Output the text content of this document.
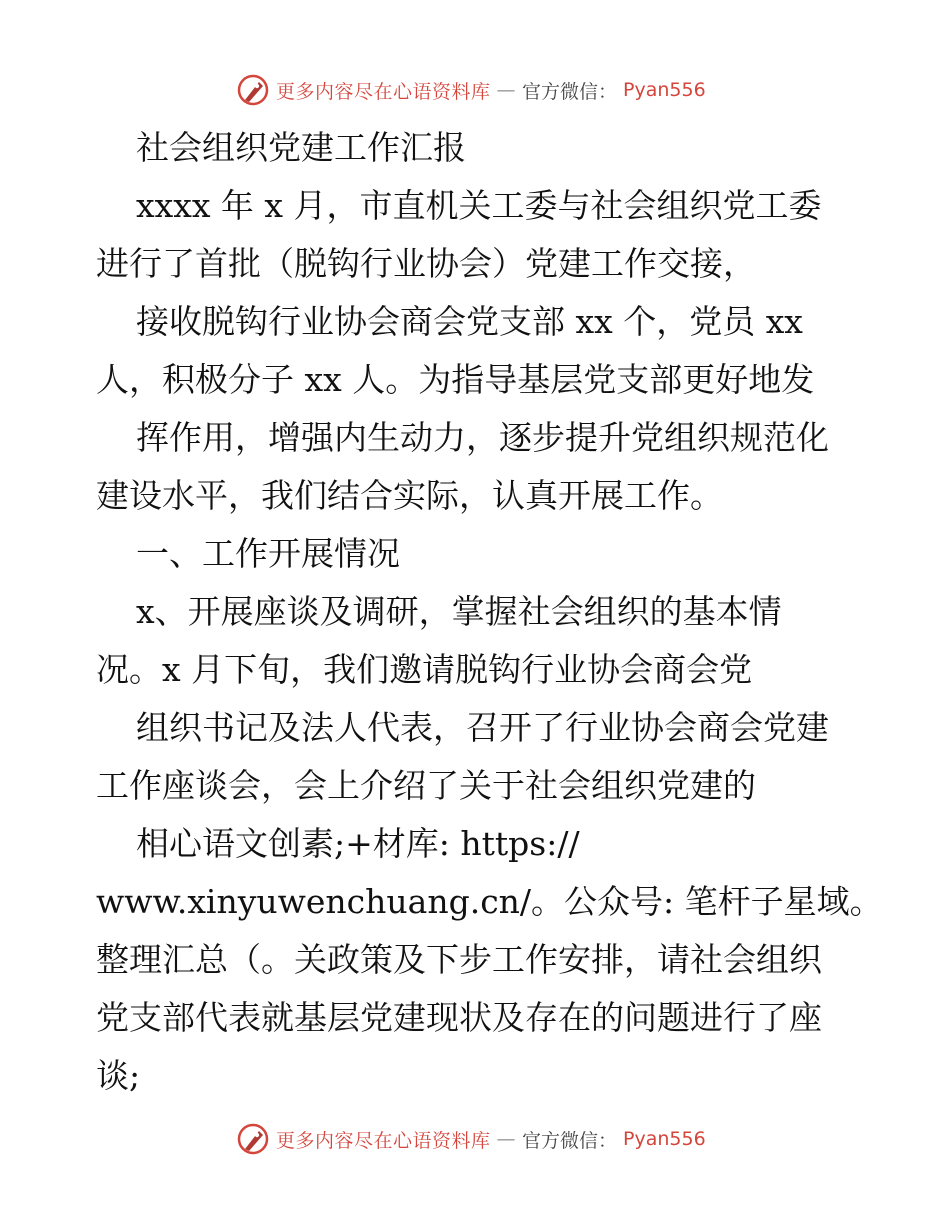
更多内容尽在心语资料库 — 官方微信： Pyan556

社会组织党建工作汇报

xxxx 年 x 月，市直机关工委与社会组织党工委

进行了首批（脱钩行业协会）党建工作交接，

接收脱钩行业协会商会党支部 xx 个，党员 xx

人，积极分子 xx 人。为指导基层党支部更好地发

挥作用，增强内生动力，逐步提升党组织规范化

建设水平，我们结合实际，认真开展工作。

一、工作开展情况

x、开展座谈及调研，掌握社会组织的基本情

况。x 月下旬，我们邀请脱钩行业协会商会党

组织书记及法人代表，召开了行业协会商会党建

工作座谈会，会上介绍了关于社会组织党建的

相心语文创素;+材库: https://

www.xinyuwenchuang.cn/。公众号: 笔杆子星域。

整理汇总（。关政策及下步工作安排，请社会组织

党支部代表就基层党建现状及存在的问题进行了座

谈;

更多内容尽在心语资料库 — 官方微信： Pyan556
